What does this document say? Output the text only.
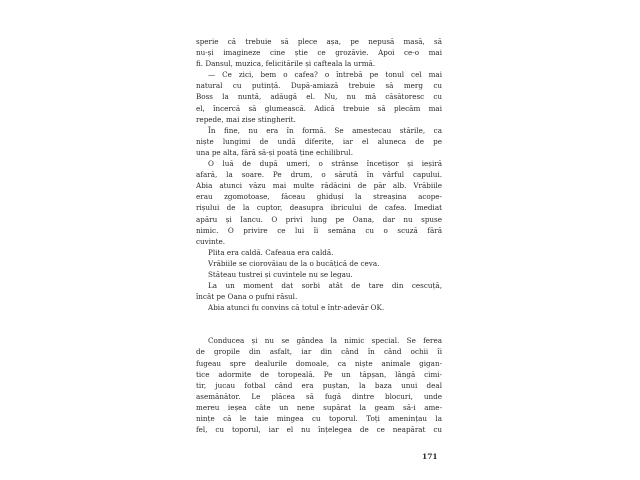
sperie că trebuie să plece așa, pe nepusă masă, să
nu-și imagineze cine știe ce grozăvie. Apoi ce-o mai
fi. Dansul, muzica, felicitările și cafteala la urmă.
— Ce zici, bem o cafea? o întrebă pe tonul cel mai
natural cu putință. După-amiază trebuie să merg cu
Boss la nuntă, adăugă el. Nu, nu mă căsătoresc cu
el, încercă să glumească. Adică trebuie să plecăm mai
repede, mai zise stingherit.
În fine, nu era în formă. Se amestecau stările, ca
niște lungimi de undă diferite, iar el aluneca de pe
una pe alta, fără să-și poată ține echilibrul.
O luă de după umeri, o strânse încetișor și ieșiră
afară, la soare. Pe drum, o sărută în vârful capului.
Abia atunci văzu mai multe rădăcini de păr alb. Vrăbiile
erau zgomotoase, făceau ghiduși la streașina acope-
rișului de la cuptor, deasupra ibricului de cafea. Imediat
apăru și Iancu. O privi lung pe Oana, dar nu spuse
nimic. O privire ce lui îi semăna cu o scuză fără
cuvinte.
Plita era caldă. Cafeaua era caldă.
Vrăbiile se ciorovăiau de la o bucățică de ceva.
Stăteau tustrei și cuvintele nu se legau.
La un moment dat sorbi atât de tare din cescuță,
încât pe Oana o pufni râsul.
Abia atunci fu convins că totul e într-adevăr OK.
Conducea și nu se gândea la nimic special. Se ferea
de gropile din asfalt, iar din când în când ochii îi
fugeau spre dealurile domoale, ca niște animale gigan-
tice adormite de toropeală. Pe un tăpșan, lângă cimi-
tir, jucau fotbal când era puștan, la baza unui deal
asemănător. Le plăcea să fugă dintre blocuri, unde
mereu ieșea câte un nene supărat la geam să-i ame-
nințe că le taie mingea cu toporul. Toți amenințau la
fel, cu toporul, iar el nu înțelegea de ce neapărat cu
171
